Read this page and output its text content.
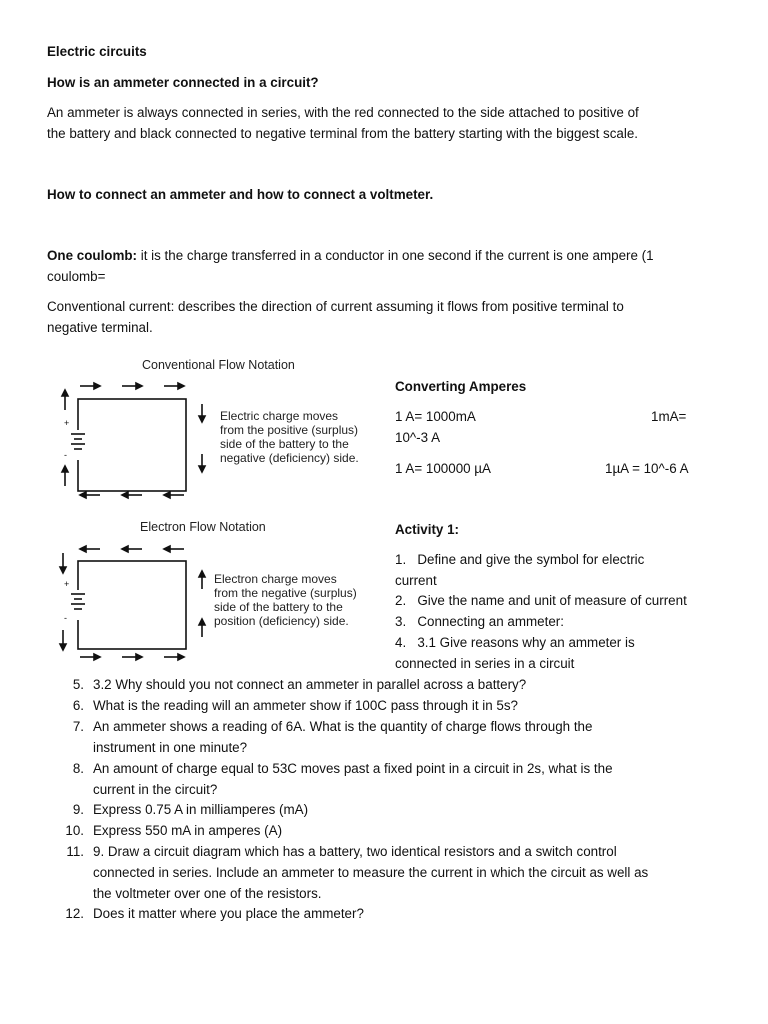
Electric circuits
How is an ammeter connected in a circuit?
An ammeter is always connected in series, with the red connected to the side attached to positive of
the battery and black connected to negative terminal from the battery starting with the biggest scale.
How to connect an ammeter and how to connect a voltmeter.
One coulomb: it is the charge transferred in a conductor in one second if the current is one ampere (1
coulomb=
Conventional current: describes the direction of current assuming it flows from positive terminal to
negative terminal.
Conventional Flow Notation
+
-
Electric charge moves
from the positive (surplus)
side of the battery to the
negative (deficiency) side.
Electron Flow Notation
+
-
Electron charge moves
from the negative (surplus)
side of the battery to the
position (deficiency) side.
Converting Amperes
1 A= 1000mA	1mA=
10^-3 A
1 A= 100000 µA	1µA = 10^-6 A
Activity 1:
1. Define and give the symbol for electric
current
2. Give the name and unit of measure of current
3. Connecting an ammeter:
4. 3.1 Give reasons why an ammeter is
connected in series in a circuit
5. 3.2 Why should you not connect an ammeter in parallel across a battery?
6. What is the reading will an ammeter show if 100C pass through it in 5s?
7. An ammeter shows a reading of 6A. What is the quantity of charge flows through the
instrument in one minute?
8. An amount of charge equal to 53C moves past a fixed point in a circuit in 2s, what is the
current in the circuit?
9. Express 0.75 A in milliamperes (mA)
10. Express 550 mA in amperes (A)
11. 9. Draw a circuit diagram which has a battery, two identical resistors and a switch control
connected in series. Include an ammeter to measure the current in which the circuit as well as
the voltmeter over one of the resistors.
12. Does it matter where you place the ammeter?
